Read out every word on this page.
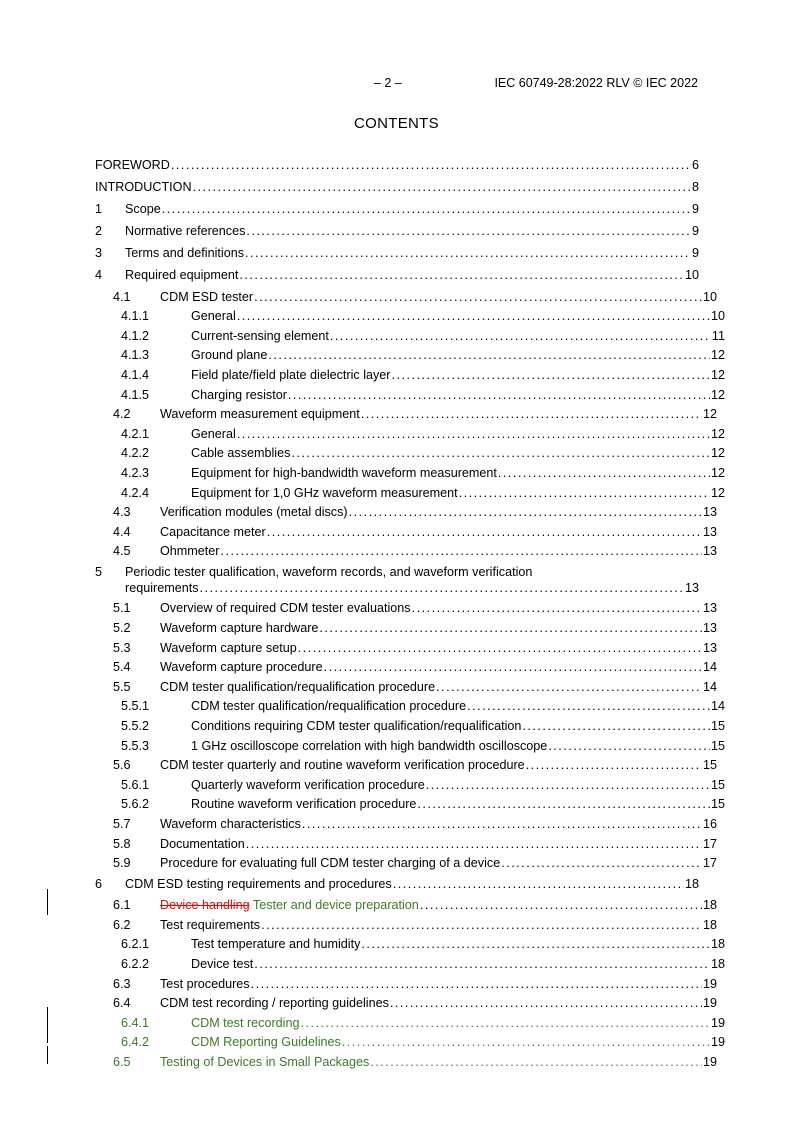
– 2 –	IEC 60749-28:2022 RLV © IEC 2022
CONTENTS
FOREWORD .....	6
INTRODUCTION .....	8
1	Scope .....	9
2	Normative references .....	9
3	Terms and definitions .....	9
4	Required equipment .....	10
4.1	CDM ESD tester .....	10
4.1.1	General .....	10
4.1.2	Current-sensing element .....	11
4.1.3	Ground plane .....	12
4.1.4	Field plate/field plate dielectric layer .....	12
4.1.5	Charging resistor .....	12
4.2	Waveform measurement equipment .....	12
4.2.1	General .....	12
4.2.2	Cable assemblies .....	12
4.2.3	Equipment for high-bandwidth waveform measurement .....	12
4.2.4	Equipment for 1,0 GHz waveform measurement .....	12
4.3	Verification modules (metal discs) .....	13
4.4	Capacitance meter .....	13
4.5	Ohmmeter .....	13
5	Periodic tester qualification, waveform records, and waveform verification
requirements .....	13
5.1	Overview of required CDM tester evaluations .....	13
5.2	Waveform capture hardware .....	13
5.3	Waveform capture setup .....	13
5.4	Waveform capture procedure .....	14
5.5	CDM tester qualification/requalification procedure .....	14
5.5.1	CDM tester qualification/requalification procedure .....	14
5.5.2	Conditions requiring CDM tester qualification/requalification .....	15
5.5.3	1 GHz oscilloscope correlation with high bandwidth oscilloscope .....	15
5.6	CDM tester quarterly and routine waveform verification procedure .....	15
5.6.1	Quarterly waveform verification procedure .....	15
5.6.2	Routine waveform verification procedure .....	15
5.7	Waveform characteristics .....	16
5.8	Documentation .....	17
5.9	Procedure for evaluating full CDM tester charging of a device .....	17
6	CDM ESD testing requirements and procedures .....	18
6.1	Device handling Tester and device preparation .....	18
6.2	Test requirements .....	18
6.2.1	Test temperature and humidity .....	18
6.2.2	Device test .....	18
6.3	Test procedures .....	19
6.4	CDM test recording / reporting guidelines .....	19
6.4.1	CDM test recording .....	19
6.4.2	CDM Reporting Guidelines .....	19
6.5	Testing of Devices in Small Packages .....	19
